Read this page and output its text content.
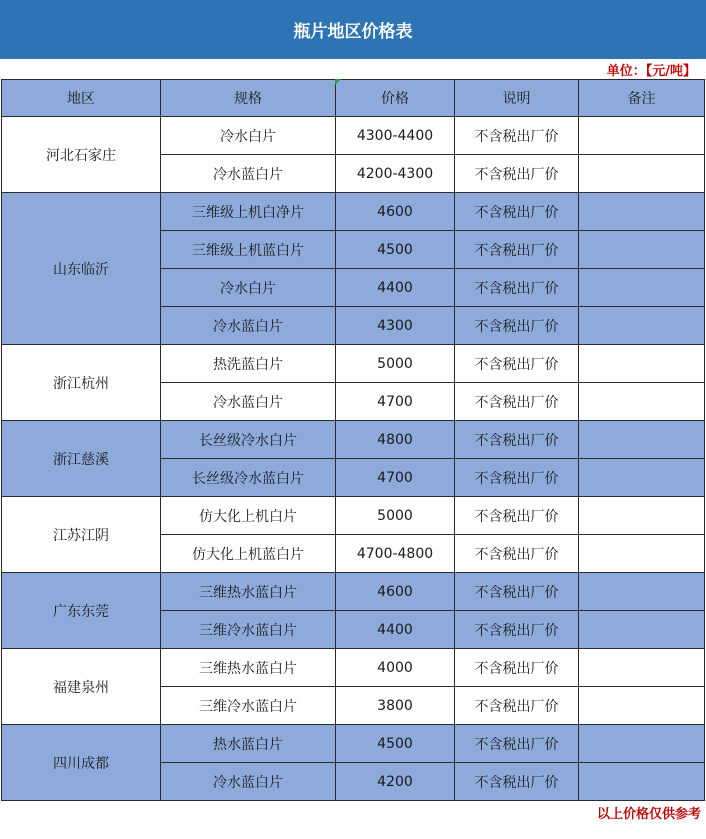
瓶片地区价格表
单位：【元/吨】
地区	规格	价格	说明	备注
河北石家庄	冷水白片	4300-4400	不含税出厂价	
	冷水蓝白片	4200-4300	不含税出厂价	
山东临沂	三维级上机白净片	4600	不含税出厂价	
	三维级上机蓝白片	4500	不含税出厂价	
	冷水白片	4400	不含税出厂价	
	冷水蓝白片	4300	不含税出厂价	
浙江杭州	热洗蓝白片	5000	不含税出厂价	
	冷水蓝白片	4700	不含税出厂价	
浙江慈溪	长丝级冷水白片	4800	不含税出厂价	
	长丝级冷水蓝白片	4700	不含税出厂价	
江苏江阴	仿大化上机白片	5000	不含税出厂价	
	仿大化上机蓝白片	4700-4800	不含税出厂价	
广东东莞	三维热水蓝白片	4600	不含税出厂价	
	三维冷水蓝白片	4400	不含税出厂价	
福建泉州	三维热水蓝白片	4000	不含税出厂价	
	三维冷水蓝白片	3800	不含税出厂价	
四川成都	热水蓝白片	4500	不含税出厂价	
	冷水蓝白片	4200	不含税出厂价	
以上价格仅供参考
